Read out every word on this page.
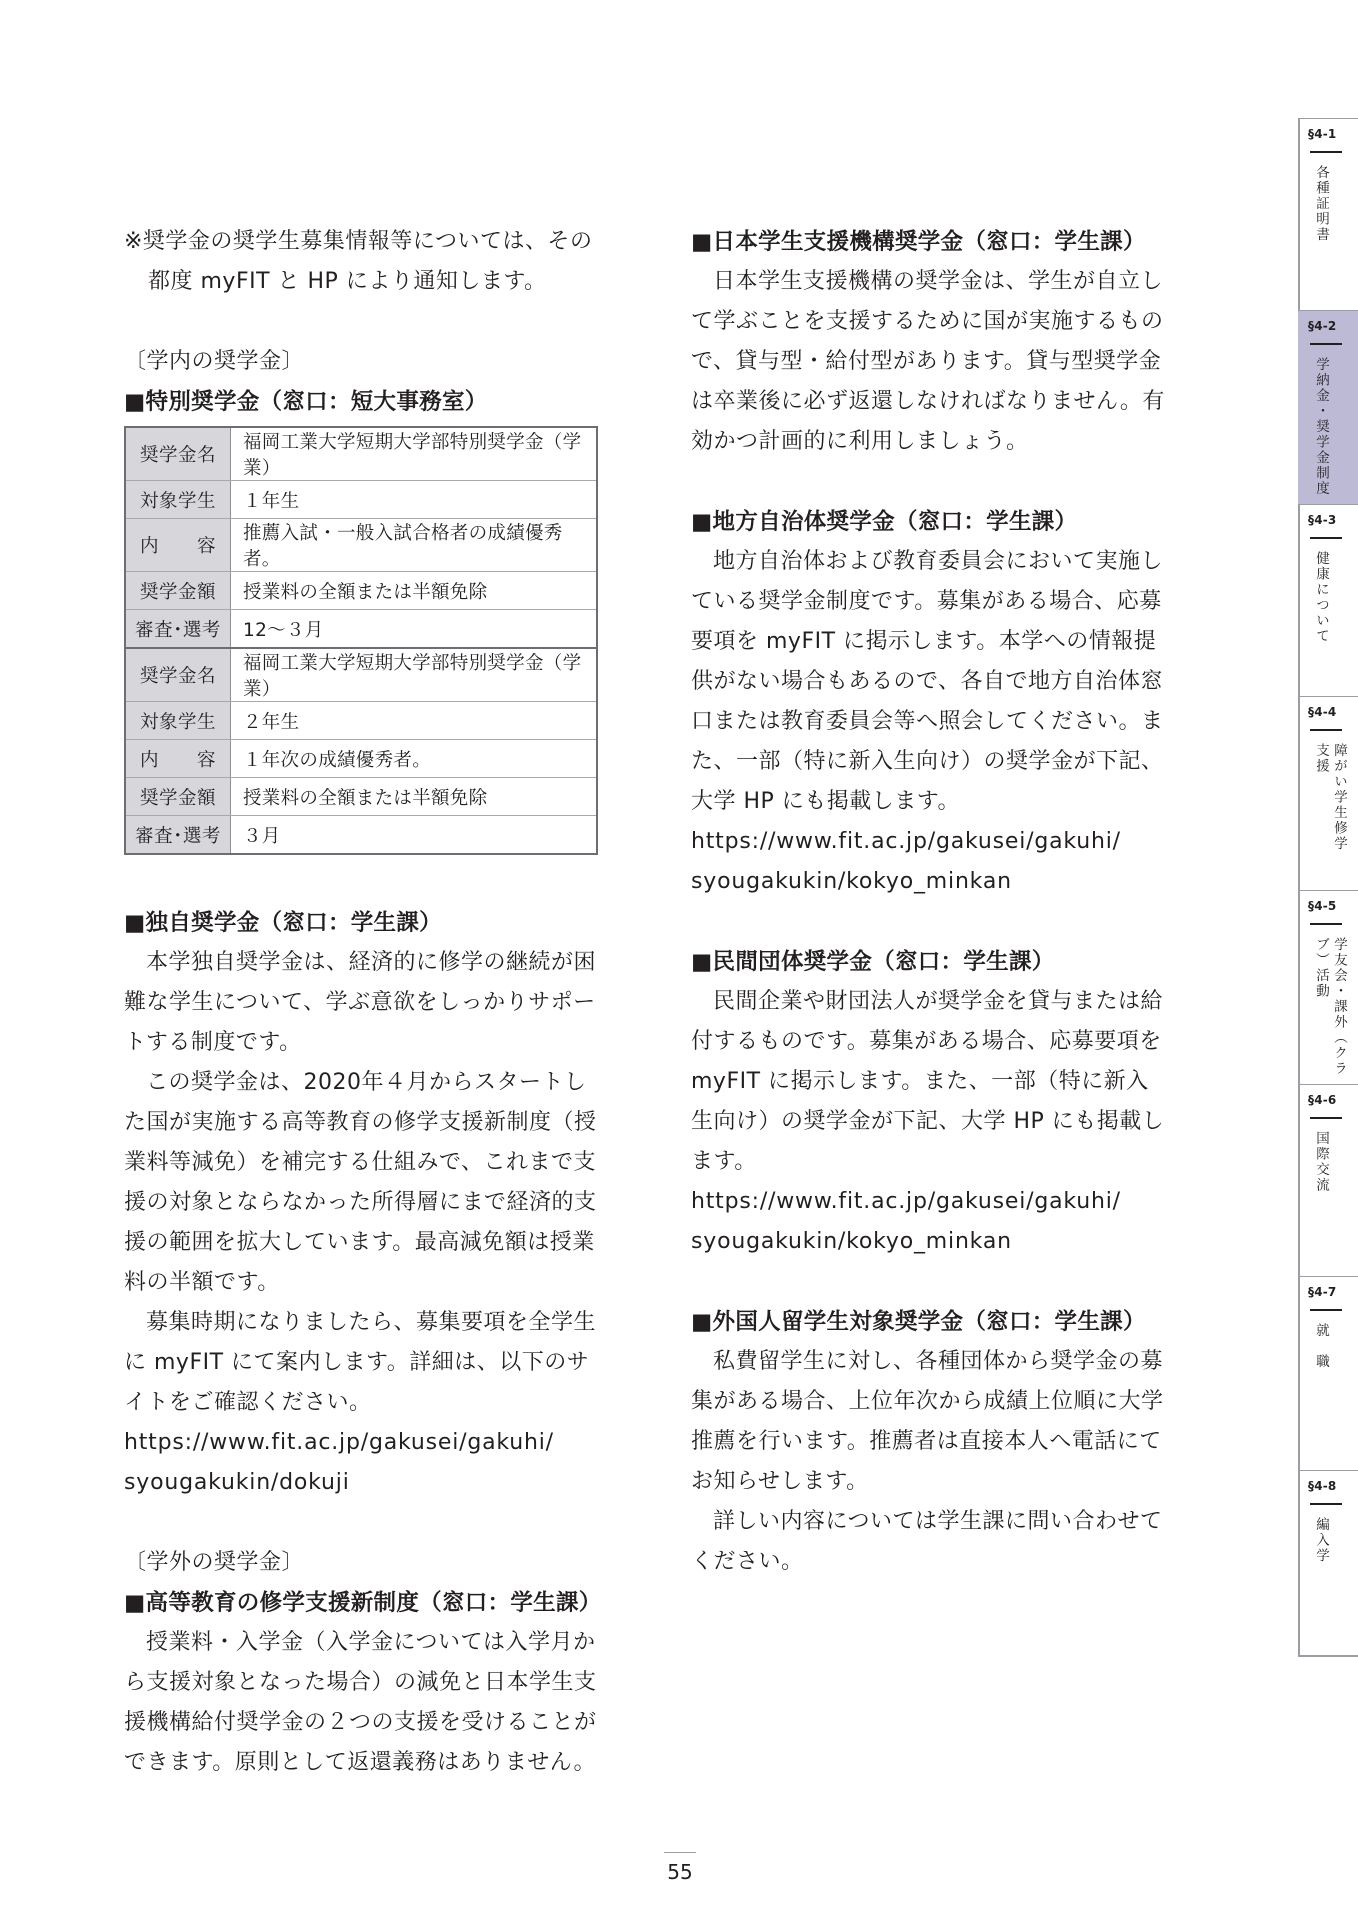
※奨学金の奨学生募集情報等については、その

都度 myFIT と HP により通知します。

〔学内の奨学金〕

■特別奨学金（窓口：短大事務室）

奨学金名	福岡工業大学短期大学部特別奨学金（学業）
対象学生	１年生
内　　容	推薦入試・一般入試合格者の成績優秀者。
奨学金額	授業料の全額または半額免除
審査･選考	12～３月
奨学金名	福岡工業大学短期大学部特別奨学金（学業）
対象学生	２年生
内　　容	１年次の成績優秀者。
奨学金額	授業料の全額または半額免除
審査･選考	３月

■独自奨学金（窓口：学生課）

本学独自奨学金は、経済的に修学の継続が困
難な学生について、学ぶ意欲をしっかりサポー
トする制度です。

この奨学金は、2020年４月からスタートし
た国が実施する高等教育の修学支援新制度（授
業料等減免）を補完する仕組みで、これまで支
援の対象とならなかった所得層にまで経済的支
援の範囲を拡大しています。最高減免額は授業
料の半額です。

募集時期になりましたら、募集要項を全学生
に myFIT にて案内します。詳細は、以下のサ
イトをご確認ください。

https://www.fit.ac.jp/gakusei/gakuhi/
syougakukin/dokuji

〔学外の奨学金〕

■高等教育の修学支援新制度（窓口：学生課）

授業料・入学金（入学金については入学月か
ら支援対象となった場合）の減免と日本学生支
援機構給付奨学金の２つの支援を受けることが
できます。原則として返還義務はありません。

■日本学生支援機構奨学金（窓口：学生課）

日本学生支援機構の奨学金は、学生が自立し
て学ぶことを支援するために国が実施するもの
で、貸与型・給付型があります。貸与型奨学金
は卒業後に必ず返還しなければなりません。有
効かつ計画的に利用しましょう。

■地方自治体奨学金（窓口：学生課）

地方自治体および教育委員会において実施し
ている奨学金制度です。募集がある場合、応募
要項を myFIT に掲示します。本学への情報提
供がない場合もあるので、各自で地方自治体窓
口または教育委員会等へ照会してください。ま
た、一部（特に新入生向け）の奨学金が下記、
大学 HP にも掲載します。

https://www.fit.ac.jp/gakusei/gakuhi/
syougakukin/kokyo_minkan

■民間団体奨学金（窓口：学生課）

民間企業や財団法人が奨学金を貸与または給
付するものです。募集がある場合、応募要項を
myFIT に掲示します。また、一部（特に新入
生向け）の奨学金が下記、大学 HP にも掲載し
ます。

https://www.fit.ac.jp/gakusei/gakuhi/
syougakukin/kokyo_minkan

■外国人留学生対象奨学金（窓口：学生課）

私費留学生に対し、各種団体から奨学金の募
集がある場合、上位年次から成績上位順に大学
推薦を行います。推薦者は直接本人へ電話にて
お知らせします。

詳しい内容については学生課に問い合わせて
ください。

§4-1
各種証明書
§4-2
学納金・奨学金制度
§4-3
健康について
§4-4
障がい学生修学支援
§4-5
学友会・課外（クラブ）活動
§4-6
国際交流
§4-7
就　職
§4-8
編入学
55
